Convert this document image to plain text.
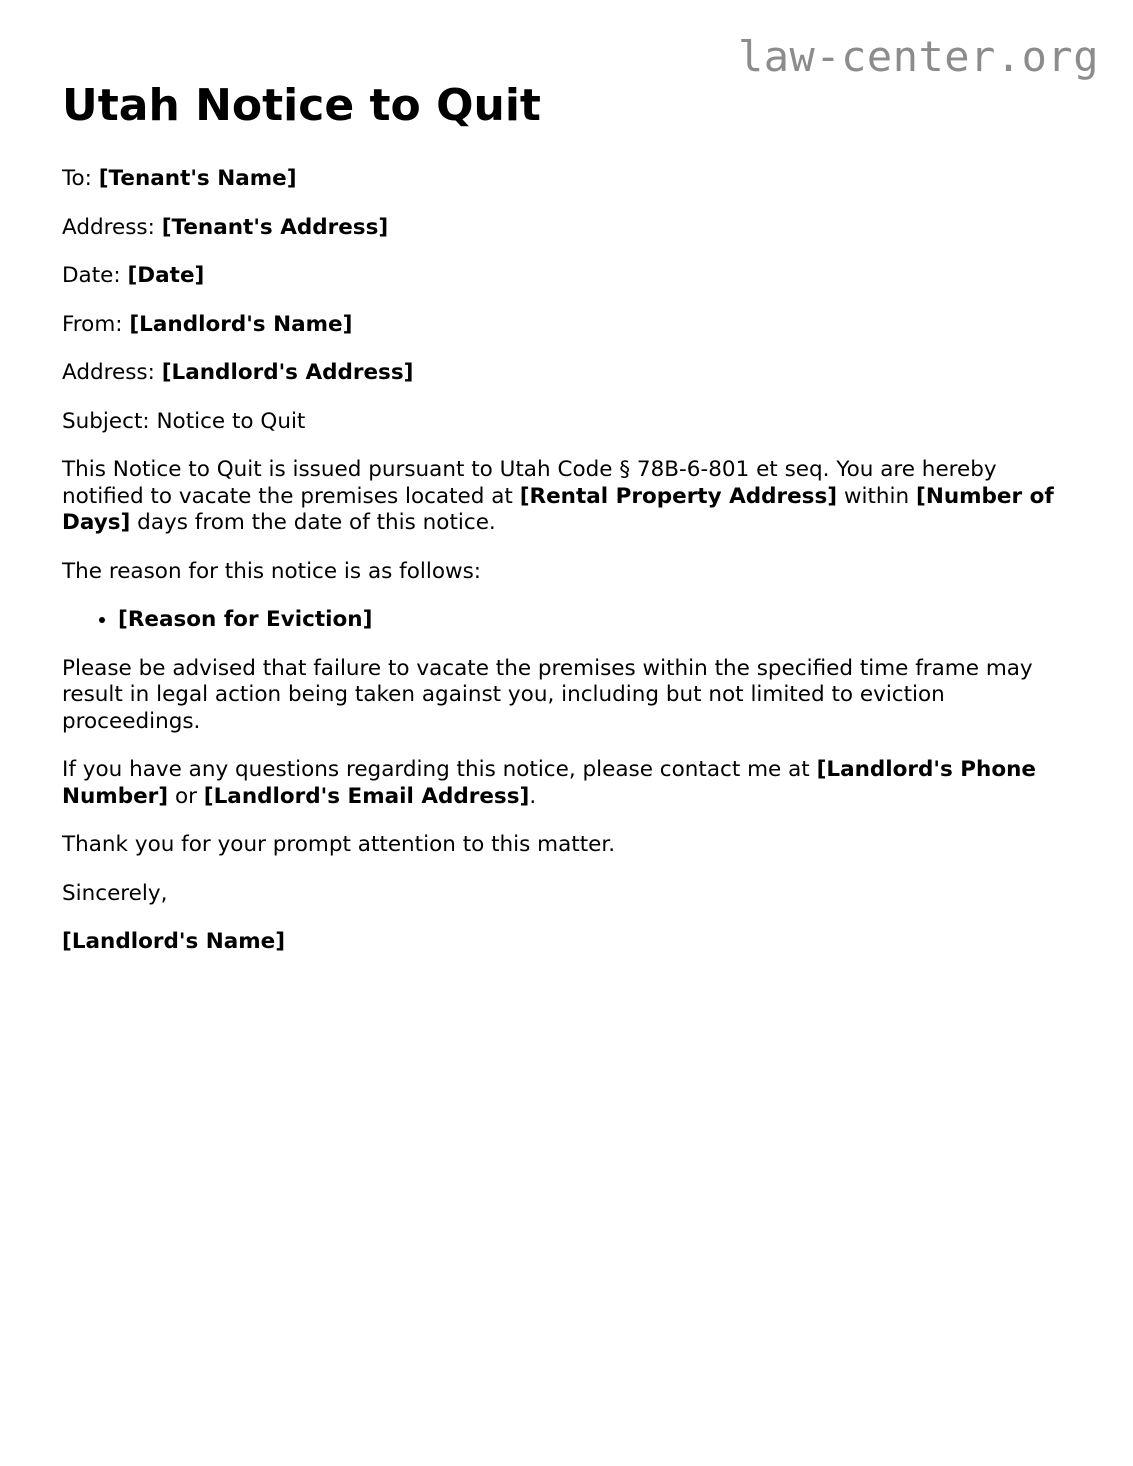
law-center.org
Utah Notice to Quit

To: [Tenant's Name]

Address: [Tenant's Address]

Date: [Date]

From: [Landlord's Name]

Address: [Landlord's Address]

Subject: Notice to Quit

This Notice to Quit is issued pursuant to Utah Code § 78B-6-801 et seq. You are hereby notified to vacate the premises located at [Rental Property Address] within [Number of Days] days from the date of this notice.

The reason for this notice is as follows:

• [Reason for Eviction]

Please be advised that failure to vacate the premises within the specified time frame may result in legal action being taken against you, including but not limited to eviction proceedings.

If you have any questions regarding this notice, please contact me at [Landlord's Phone Number] or [Landlord's Email Address].

Thank you for your prompt attention to this matter.

Sincerely,

[Landlord's Name]
